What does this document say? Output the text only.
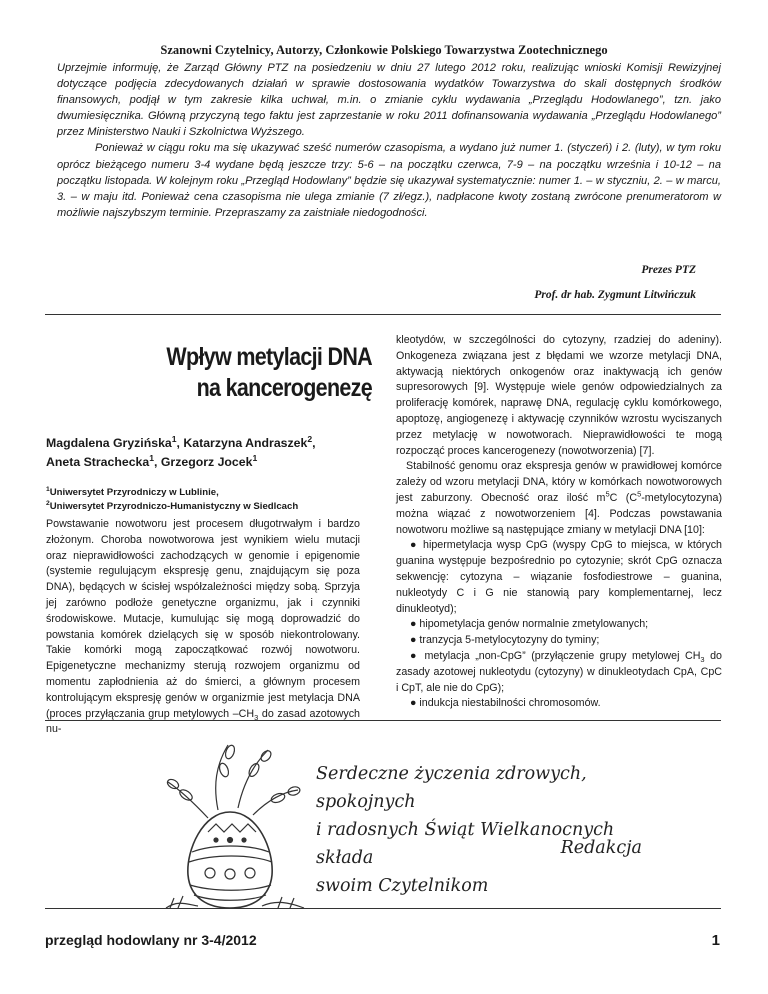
Szanowni Czytelnicy, Autorzy, Członkowie Polskiego Towarzystwa Zootechnicznego

Uprzejmie informuję, że Zarząd Główny PTZ na posiedzeniu w dniu 27 lutego 2012 roku, realizując wnioski Komisji Rewizyjnej dotyczące podjęcia zdecydowanych działań w sprawie dostosowania wydatków Towarzystwa do skali dostępnych środków finansowych, podjął w tym zakresie kilka uchwał, m.in. o zmianie cyklu wydawania „Przeglądu Hodowlanego”, tzn. jako dwumiesięcznika. Główną przyczyną tego faktu jest zaprzestanie w roku 2011 dofinansowania wydawania „Przeglądu Hodowlanego” przez Ministerstwo Nauki i Szkolnictwa Wyższego.

Ponieważ w ciągu roku ma się ukazywać sześć numerów czasopisma, a wydano już numer 1. (styczeń) i 2. (luty), w tym roku oprócz bieżącego numeru 3-4 wydane będą jeszcze trzy: 5-6 – na początku czerwca, 7-9 – na początku września i 10-12 – na początku listopada. W kolejnym roku „Przegląd Hodowlany” będzie się ukazywał systematycznie: numer 1. – w styczniu, 2. – w marcu, 3. – w maju itd. Ponieważ cena czasopisma nie ulega zmianie (7 zł/egz.), nadpłacone kwoty zostaną zwrócone prenumeratorom w możliwie najszybszym terminie. Przepraszamy za zaistniałe niedogodności.

Prezes PTZ
Prof. dr hab. Zygmunt Litwińczuk
Wpływ metylacji DNA
na kancerogenezę
Magdalena Gryzińska$^1$, Katarzyna Andraszek$^2$,
Aneta Strachecka$^1$, Grzegorz Jocek$^1$
$^1$Uniwersytet Przyrodniczy w Lublinie,
$^2$Uniwersytet Przyrodniczo-Humanistyczny w Siedlcach
Powstawanie nowotworu jest procesem długotrwałym i bardzo złożonym. Choroba nowotworowa jest wynikiem wielu mutacji oraz nieprawidłowości zachodzących w genomie i epigenomie (systemie regulującym ekspresję genu, znajdującym się poza DNA), będących w ścisłej współzależności między sobą. Sprzyja jej zarówno podłoże genetyczne organizmu, jak i czynniki środowiskowe. Mutacje, kumulując się mogą doprowadzić do powstania komórek dzielących się w sposób niekontrolowany. Takie komórki mogą zapoczątkować rozwój nowotworu. Epigenetyczne mechanizmy sterują rozwojem organizmu od momentu zapłodnienia aż do śmierci, a głównym procesem kontrolującym ekspresję genów w organizmie jest metylacja DNA (proces przyłączania grup metylowych $-CH_3$ do zasad azotowych nu-

kleotydów, w szczególności do cytozyny, rzadziej do adeniny). Onkogeneza związana jest z błędami we wzorze metylacji DNA, aktywacją niektórych onkogenów oraz inaktywacją ich genów supresorowych [9]. Występuje wiele genów odpowiedzialnych za proliferację komórek, naprawę DNA, regulację cyklu komórkowego, apoptozę, angiogenezę i aktywację czynników wzrostu wyciszanych przez metylację w nowotworach. Nieprawidłowości te mogą rozpocząć proces kancerogenezy (nowotworzenia) [7].

Stabilność genomu oraz ekspresja genów w prawidłowej komórce zależy od wzoru metylacji DNA, który w komórkach nowotworowych jest zaburzony. Obecność oraz ilość $m^5C$ $(C^5-metylocytozyna)$ można wiązać z nowotworzeniem [4]. Podczas powstawania nowotworu możliwe są następujące zmiany w metylacji DNA [10]:

● hipermetylacja wysp CpG (wyspy CpG to miejsca, w których guanina występuje bezpośrednio po cytozynie; skrót CpG oznacza sekwencję: cytozyna – wiązanie fosfodiestrowe – guanina, nukleotydy C i G nie stanowią pary komplementarnej, lecz dinukleotyd);

● hipometylacja genów normalnie zmetylowanych;

● tranzycja 5-metylocytozyny do tyminy;

● metylacja „non-CpG” (przyłączenie grupy metylowej $CH_3$ do zasady azotowej nukleotydu (cytozyny) w dinukleotydach CpA, CpC i CpT, ale nie do CpG);

● indukcja niestabilności chromosomów.

Serdeczne życzenia zdrowych, spokojnych
i radosnych Świąt Wielkanocnych składa
swoim Czytelnikom
Redakcja
przegląd hodowlany nr 3-4/2012	1
